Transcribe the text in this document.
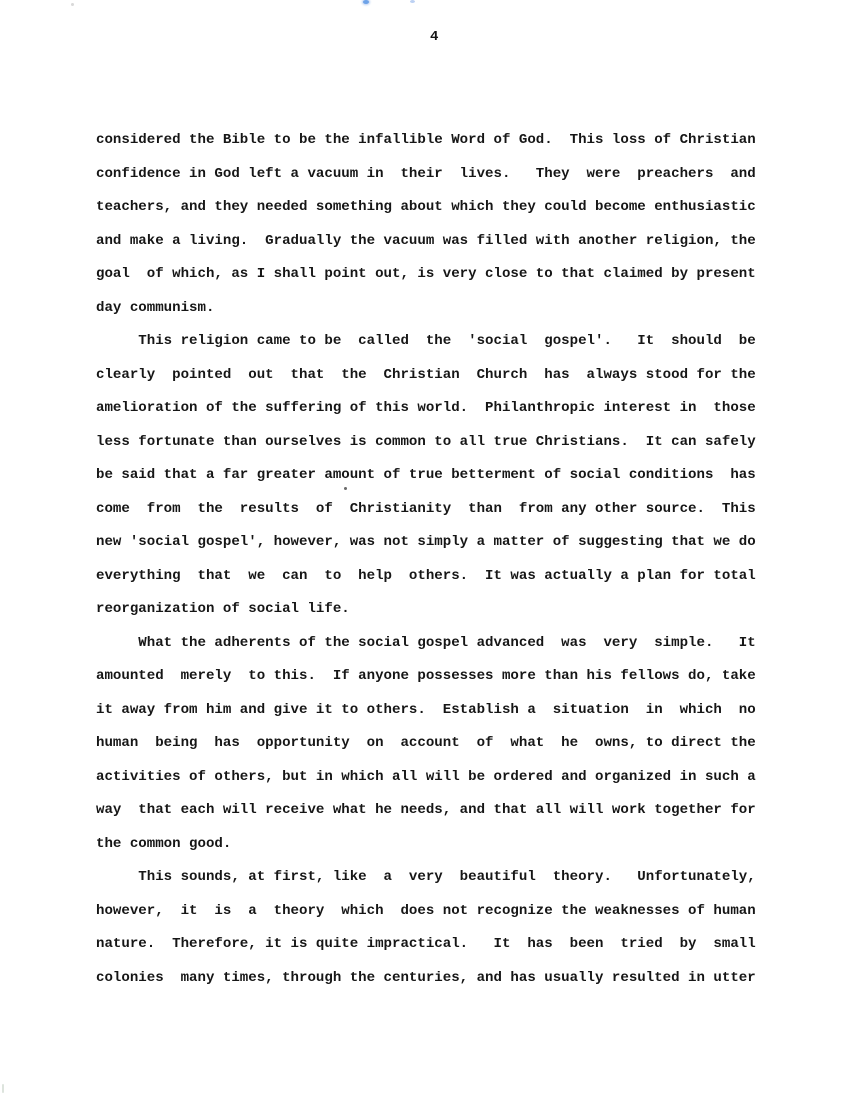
4
considered the Bible to be the infallible Word of God.  This loss of Christian
confidence in God left a vacuum in  their  lives.   They  were  preachers  and
teachers, and they needed something about which they could become enthusiastic
and make a living.  Gradually the vacuum was filled with another religion, the
goal  of which, as I shall point out, is very close to that claimed by present
day communism.
This religion came to be  called  the  'social  gospel'.   It  should  be
clearly  pointed  out  that  the  Christian  Church  has  always stood for the
amelioration of the suffering of this world.  Philanthropic interest in  those
less fortunate than ourselves is common to all true Christians.  It can safely
be said that a far greater amount of true betterment of social conditions  has
come  from  the  results  of  Christianity  than  from any other source.  This
new 'social gospel', however, was not simply a matter of suggesting that we do
everything  that  we  can  to  help  others.  It was actually a plan for total
reorganization of social life.
What the adherents of the social gospel advanced  was  very  simple.   It
amounted  merely  to this.  If anyone possesses more than his fellows do, take
it away from him and give it to others.  Establish a  situation  in  which  no
human  being  has  opportunity  on  account  of  what  he  owns, to direct the
activities of others, but in which all will be ordered and organized in such a
way  that each will receive what he needs, and that all will work together for
the common good.
This sounds, at first, like  a  very  beautiful  theory.   Unfortunately,
however,  it  is  a  theory  which  does not recognize the weaknesses of human
nature.  Therefore, it is quite impractical.   It  has  been  tried  by  small
colonies  many times, through the centuries, and has usually resulted in utter
